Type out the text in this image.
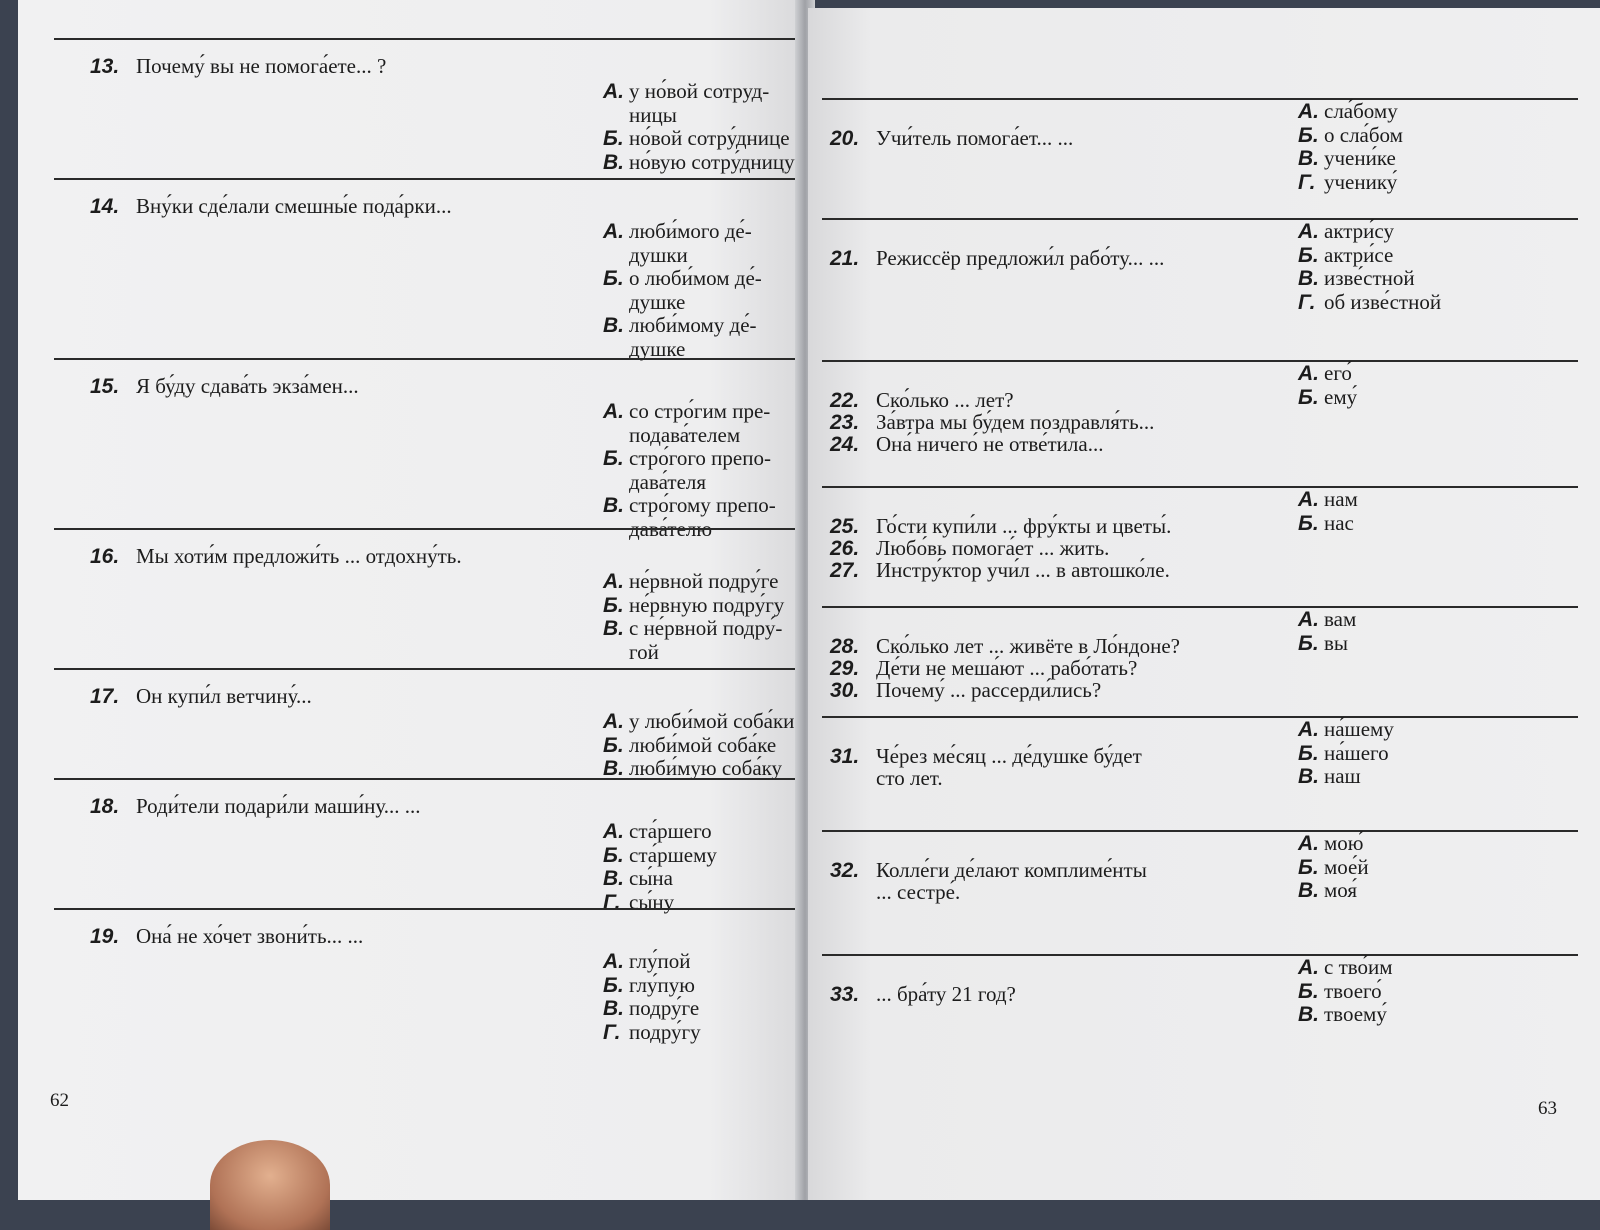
13. Почему́ вы не помога́ете... ?
А. у но́вой сотруд-
ницы
Б. но́вой сотру́днице
В. но́вую сотру́дницу
14. Вну́ки сде́лали смешны́е пода́рки...
А. люби́мого де́-
душки
Б. о люби́мом де́-
душке
В. люби́мому де́-
душке
15. Я бу́ду сдава́ть экза́мен...
А. со стро́гим пре-
подава́телем
Б. стро́гого препо-
дава́теля
В. стро́гому препо-
дава́телю
16. Мы хоти́м предложи́ть ... отдохну́ть.
А. не́рвной подру́ге
Б. не́рвную подру́гу
В. с не́рвной подру́-
гой
17. Он купи́л ветчину́...
А. у люби́мой соба́ки
Б. люби́мой соба́ке
В. люби́мую соба́ку
18. Роди́тели подари́ли маши́ну... ...
А. ста́ршего
Б. ста́ршему
В. сы́на
Г. сы́ну
19. Она́ не хо́чет звони́ть... ...
А. глу́пой
Б. глу́пую
В. подру́ге
Г. подру́гу
62
20. Учи́тель помога́ет... ...
А. сла́бому
Б. о сла́бом
В. учени́ке
Г. ученику́
21. Режиссёр предложи́л рабо́ту... ...
А. актри́су
Б. актри́се
В. изве́стной
Г. об изве́стной
22. Ско́лько ... лет?
23. За́втра мы бу́дем поздравля́ть...
24. Она́ ничего́ не отве́тила...
А. его́
Б. ему́
25. Го́сти купи́ли ... фру́кты и цветы́.
26. Любо́вь помога́ет ... жить.
27. Инстру́ктор учи́л ... в автошко́ле.
А. нам
Б. нас
28. Ско́лько лет ... живёте в Ло́ндоне?
29. Де́ти не меша́ют ... рабо́тать?
30. Почему́ ... рассерди́лись?
А. вам
Б. вы
31. Че́рез ме́сяц ... де́душке бу́дет
сто лет.
А. на́шему
Б. на́шего
В. наш
32. Колле́ги де́лают комплиме́нты
... сестре́.
А. мою́
Б. мое́й
В. моя́
33. ... бра́ту 21 год?
А. с тво́им
Б. твоего́
В. твоему́
63
